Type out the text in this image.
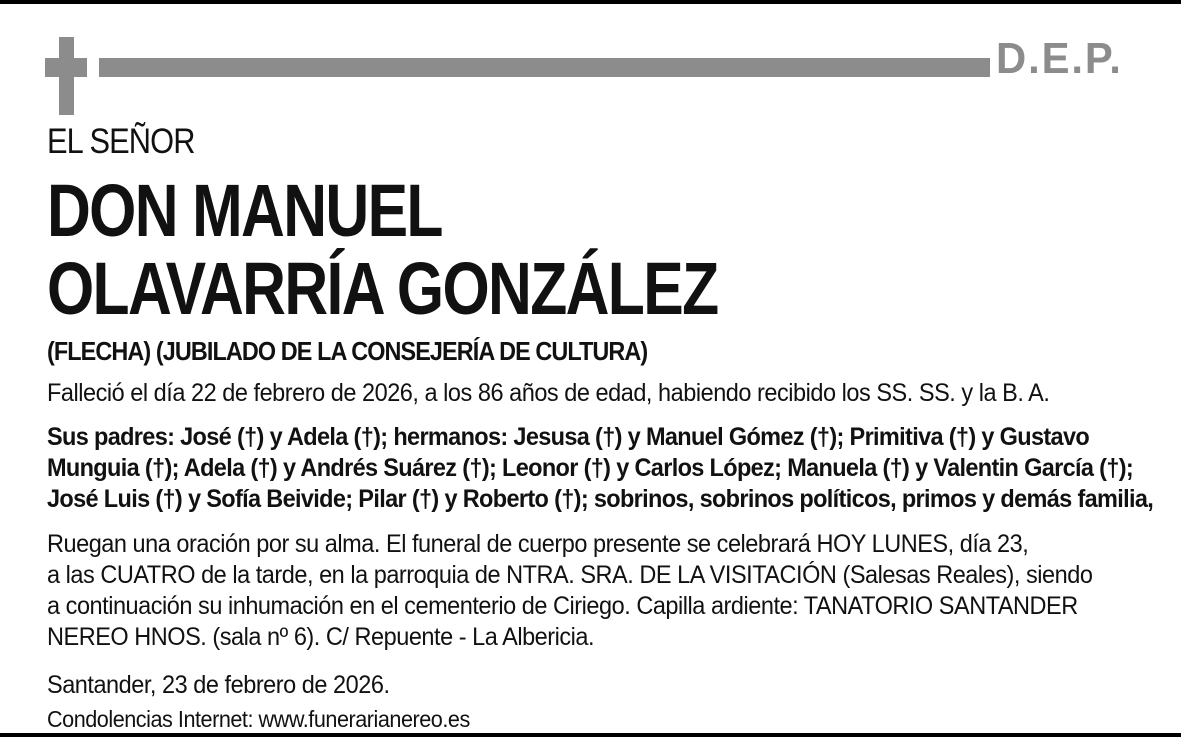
D.E.P.
EL SEÑOR
DON MANUEL
OLAVARRÍA GONZÁLEZ
(FLECHA) (JUBILADO DE LA CONSEJERÍA DE CULTURA)
Falleció el día 22 de febrero de 2026, a los 86 años de edad, habiendo recibido los SS. SS. y la B. A.
Sus padres: José (†) y Adela (†); hermanos: Jesusa (†) y Manuel Gómez (†); Primitiva (†) y Gustavo
Munguia (†); Adela (†) y Andrés Suárez (†); Leonor (†) y Carlos López; Manuela (†) y Valentin García (†);
José Luis (†) y Sofía Beivide; Pilar (†) y Roberto (†); sobrinos, sobrinos políticos, primos y demás familia,
Ruegan una oración por su alma. El funeral de cuerpo presente se celebrará HOY LUNES, día 23,
a las CUATRO de la tarde, en la parroquia de NTRA. SRA. DE LA VISITACIÓN (Salesas Reales), siendo
a continuación su inhumación en el cementerio de Ciriego. Capilla ardiente: TANATORIO SANTANDER
NEREO HNOS. (sala nº 6). C/ Repuente - La Albericia.
Santander, 23 de febrero de 2026.
Condolencias Internet: www.funerarianereo.es
